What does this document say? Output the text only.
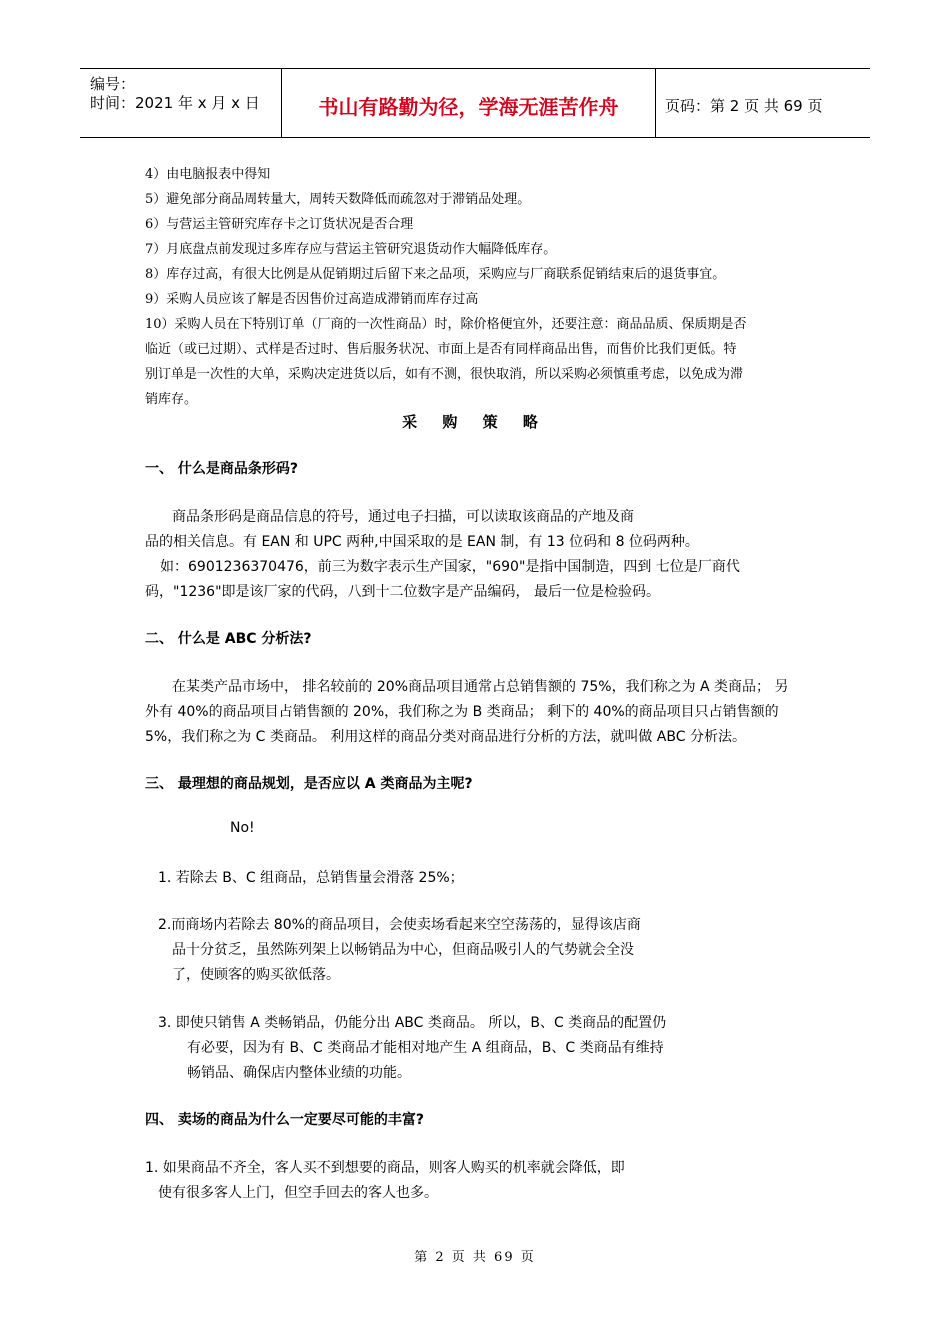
编号：
时间：2021 年 x 月 x 日	书山有路勤为径，学海无涯苦作舟	页码：第 2 页 共 69 页
4）由电脑报表中得知
5）避免部分商品周转量大，周转天数降低而疏忽对于滞销品处理。
6）与营运主管研究库存卡之订货状况是否合理
7）月底盘点前发现过多库存应与营运主管研究退货动作大幅降低库存。
8）库存过高，有很大比例是从促销期过后留下来之品项，采购应与厂商联系促销结束后的退货事宜。
9）采购人员应该了解是否因售价过高造成滞销而库存过高
10）采购人员在下特别订单（厂商的一次性商品）时，除价格便宜外，还要注意：商品品质、保质期是否
临近（或已过期）、式样是否过时、售后服务状况、市面上是否有同样商品出售，而售价比我们更低。特
别订单是一次性的大单，采购决定进货以后，如有不测，很快取消，所以采购必须慎重考虑，以免成为滞
销库存。
采 购 策 略
一、 什么是商品条形码?
商品条形码是商品信息的符号，通过电子扫描，可以读取该商品的产地及商
品的相关信息。有 EAN 和 UPC 两种,中国采取的是 EAN 制，有 13 位码和 8 位码两种。
如：6901236370476，前三为数字表示生产国家，"690"是指中国制造，四到 七位是厂商代
码，"1236"即是该厂家的代码，八到十二位数字是产品编码， 最后一位是检验码。
二、 什么是 ABC 分析法?
在某类产品市场中， 排名较前的 20%商品项目通常占总销售额的 75%，我们称之为 A 类商品； 另
外有 40%的商品项目占销售额的 20%，我们称之为 B 类商品； 剩下的 40%的商品项目只占销售额的
5%，我们称之为 C 类商品。 利用这样的商品分类对商品进行分析的方法，就叫做 ABC 分析法。
三、 最理想的商品规划，是否应以 A 类商品为主呢?
No!
1. 若除去 B、C 组商品，总销售量会滑落 25%；
2.而商场内若除去 80%的商品项目，会使卖场看起来空空荡荡的，显得该店商
品十分贫乏，虽然陈列架上以畅销品为中心，但商品吸引人的气势就会全没
了，使顾客的购买欲低落。
3. 即使只销售 A 类畅销品，仍能分出 ABC 类商品。 所以，B、C 类商品的配置仍
有必要，因为有 B、C 类商品才能相对地产生 A 组商品，B、C 类商品有维持
畅销品、确保店内整体业绩的功能。
四、 卖场的商品为什么一定要尽可能的丰富?
1. 如果商品不齐全，客人买不到想要的商品，则客人购买的机率就会降低，即
使有很多客人上门，但空手回去的客人也多。
第 2 页 共 69 页
